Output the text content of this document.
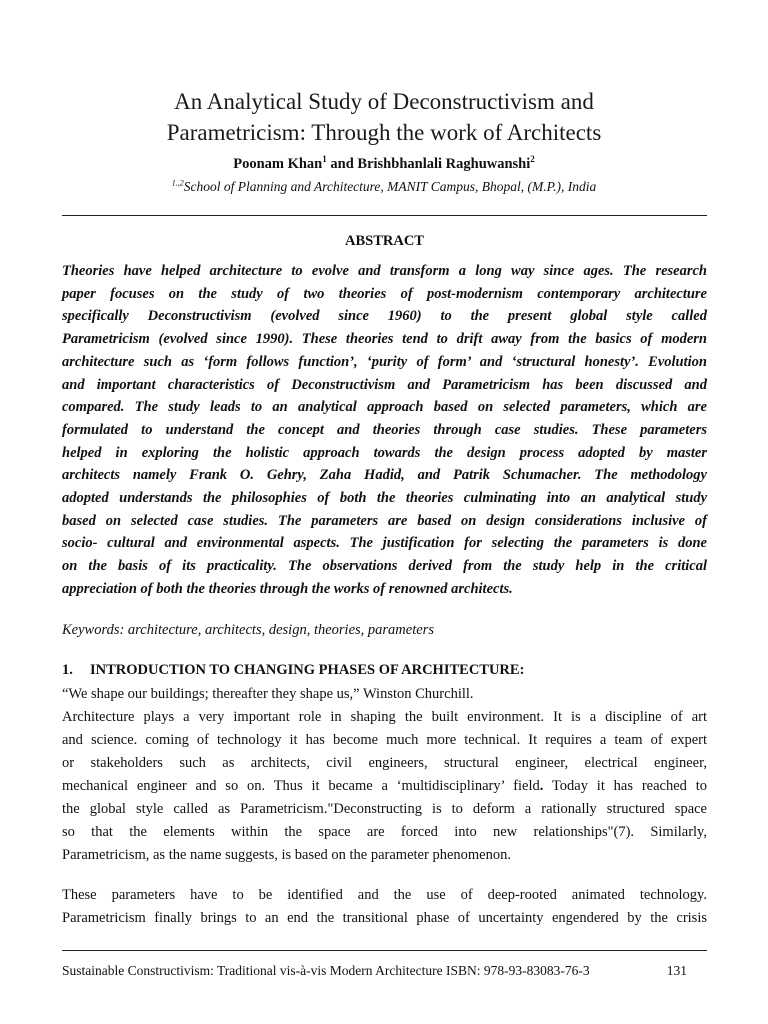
An Analytical Study of Deconstructivism and
Parametricism: Through the work of Architects
Poonam Khan$^1$ and Brishbhanlali Raghuwanshi$^2$
$^{1.,2}$School of Planning and Architecture, MANIT Campus, Bhopal, (M.P.), India
ABSTRACT
Theories have helped architecture to evolve and transform a long way since ages. The research
paper focuses on the study of two theories of post-modernism contemporary architecture
specifically Deconstructivism (evolved since 1960) to the present global style called
Parametricism (evolved since 1990). These theories tend to drift away from the basics of modern
architecture such as ‘form follows function’, ‘purity of form’ and ‘structural honesty’. Evolution
and important characteristics of Deconstructivism and Parametricism has been discussed and
compared. The study leads to an analytical approach based on selected parameters, which are
formulated to understand the concept and theories through case studies. These parameters
helped in exploring the holistic approach towards the design process adopted by master
architects namely Frank O. Gehry, Zaha Hadid, and Patrik Schumacher. The methodology
adopted understands the philosophies of both the theories culminating into an analytical study
based on selected case studies. The parameters are based on design considerations inclusive of
socio- cultural and environmental aspects. The justification for selecting the parameters is done
on the basis of its practicality. The observations derived from the study help in the critical
appreciation of both the theories through the works of renowned architects.
Keywords: architecture, architects, design, theories, parameters
1. INTRODUCTION TO CHANGING PHASES OF ARCHITECTURE:
“We shape our buildings; thereafter they shape us,” Winston Churchill.
Architecture plays a very important role in shaping the built environment. It is a discipline of art
and science. coming of technology it has become much more technical. It requires a team of expert
or stakeholders such as architects, civil engineers, structural engineer, electrical engineer,
mechanical engineer and so on. Thus it became a ‘multidisciplinary’ field. Today it has reached to
the global style called as Parametricism."Deconstructing is to deform a rationally structured space
so that the elements within the space are forced into new relationships"(7). Similarly,
Parametricism, as the name suggests, is based on the parameter phenomenon.
These parameters have to be identified and the use of deep-rooted animated technology.
Parametricism finally brings to an end the transitional phase of uncertainty engendered by the crisis
Sustainable Constructivism: Traditional vis-à-vis Modern Architecture ISBN: 978-93-83083-76-3	131
